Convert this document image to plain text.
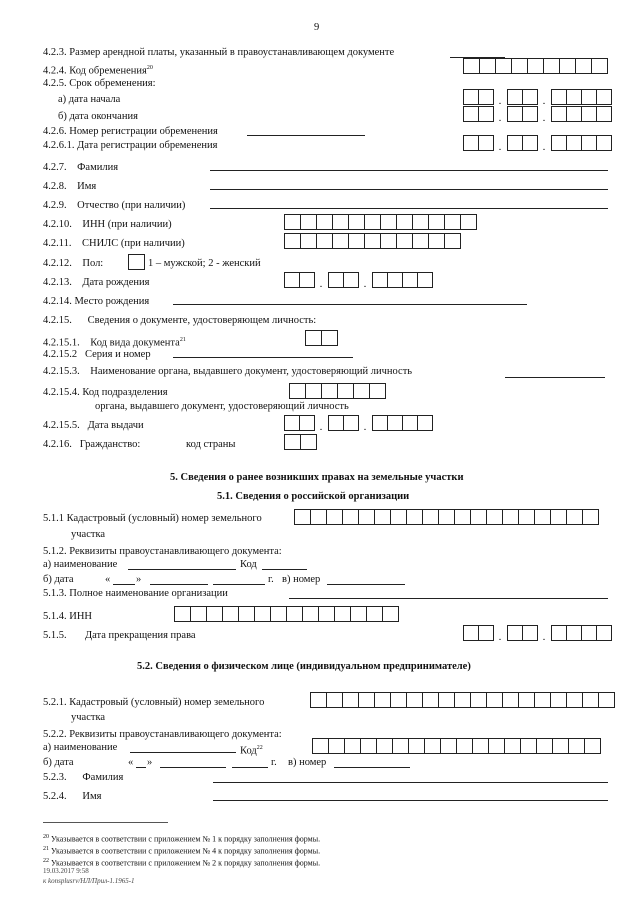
9
4.2.3. Размер арендной платы, указанный в правоустанавливающем документе
4.2.4. Код обременения$^{20}$
4.2.5. Срок обременения:
а) дата начала	.	.
б) дата окончания	.	.
4.2.6. Номер регистрации обременения
4.2.6.1. Дата регистрации обременения	.	.
4.2.7. Фамилия
4.2.8. Имя
4.2.9. Отчество (при наличии)
4.2.10. ИНН (при наличии)
4.2.11. СНИЛС (при наличии)
4.2.12. Пол:	1 – мужской; 2 - женский
4.2.13. Дата рождения	.	.
4.2.14. Место рождения
4.2.15. Сведения о документе, удостоверяющем личность:
4.2.15.1. Код вида документа$^{21}$
4.2.15.2 Серия и номер
4.2.15.3. Наименование органа, выдавшего документ, удостоверяющий личность
4.2.15.4. Код подразделения
органа, выдавшего документ, удостоверяющий личность
4.2.15.5. Дата выдачи	.	.
4.2.16. Гражданство:	код страны
5. Сведения о ранее возникших правах на земельные участки
5.1. Сведения о российской организации
5.1.1 Кадастровый (условный) номер земельного
участка
5.1.2. Реквизиты правоустанавливающего документа:
а) наименование	Код
б) дата	« »	г. в) номер
5.1.3. Полное наименование организации
5.1.4. ИНН
5.1.5. Дата прекращения права	.	.
5.2. Сведения о физическом лице (индивидуальном предпринимателе)
5.2.1. Кадастровый (условный) номер земельного
участка
5.2.2. Реквизиты правоустанавливающего документа:
а) наименование	Код$^{22}$
б) дата	« »	г. в) номер
5.2.3. Фамилия
5.2.4. Имя
$^{20}$ Указывается в соответствии с приложением № 1 к порядку заполнения формы.
$^{21}$ Указывается в соответствии с приложением № 4 к порядку заполнения формы.
$^{22}$ Указывается в соответствии с приложением № 2 к порядку заполнения формы.
19.03.2017 9:58
к konsplusrv/НЛ/Прил-1.1965-1
